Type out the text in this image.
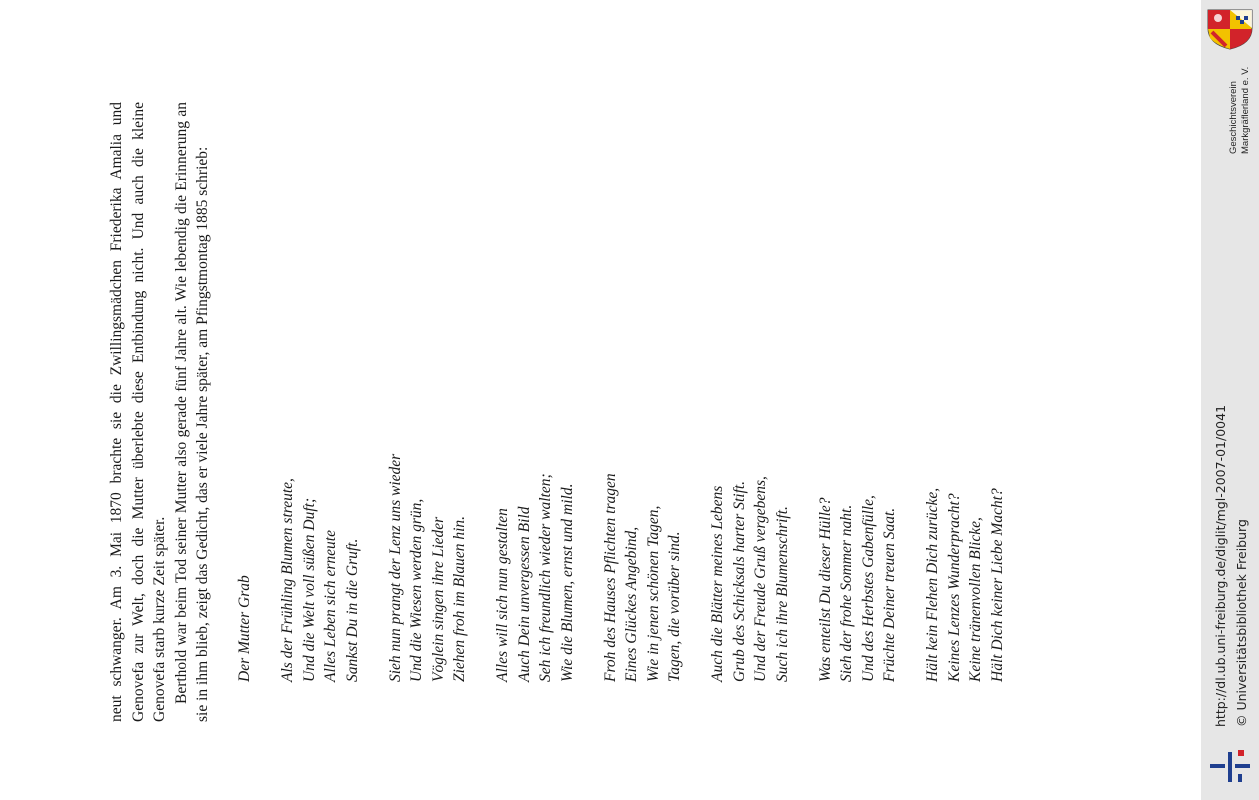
neut schwanger. Am 3. Mai 1870 brachte sie die Zwillingsmädchen Friederika Amalia und Genovefa zur Welt, doch die Mutter überlebte diese Entbindung nicht. Und auch die kleine Genovefa starb kurze Zeit später. Berthold war beim Tod seiner Mutter also gerade fünf Jahre alt. Wie lebendig die Erinnerung an sie in ihm blieb, zeigt das Gedicht, das er viele Jahre später, am Pfingstmontag 1885 schrieb: Der Mutter Grab Als der Frühling Blumen streute, Und die Welt voll süßen Duft; Alles Leben sich erneute Sankst Du in die Gruft. Sieh nun prangt der Lenz uns wieder Und die Wiesen werden grün, Vöglein singen ihre Lieder Ziehen froh im Blauen hin. Alles will sich nun gestalten Auch Dein unvergessen Bild Seh ich freundlich wieder walten; Wie die Blumen, ernst und mild. Froh des Hauses Pflichten tragen Eines Glückes Angebind, Wie in jenen schönen Tagen, Tagen, die vorüber sind. Auch die Blätter meines Lebens Grub des Schicksals harter Stift. Und der Freude Gruß vergebens, Such ich ihre Blumenschrift. Was enteilst Du dieser Hülle? Sieh der frohe Sommer naht. Und des Herbstes Gabenfülle, Früchte Deiner treuen Saat. Hält kein Flehen Dich zurücke, Keines Lenzes Wunderpracht? Keine tränenvollen Blicke, Hält Dich keiner Liebe Macht?
Geschichtsverein Markgräflerland e. V.
http://dl.ub.uni-freiburg.de/diglit/mgl-2007-01/0041 © Universitätsbibliothek Freiburg
